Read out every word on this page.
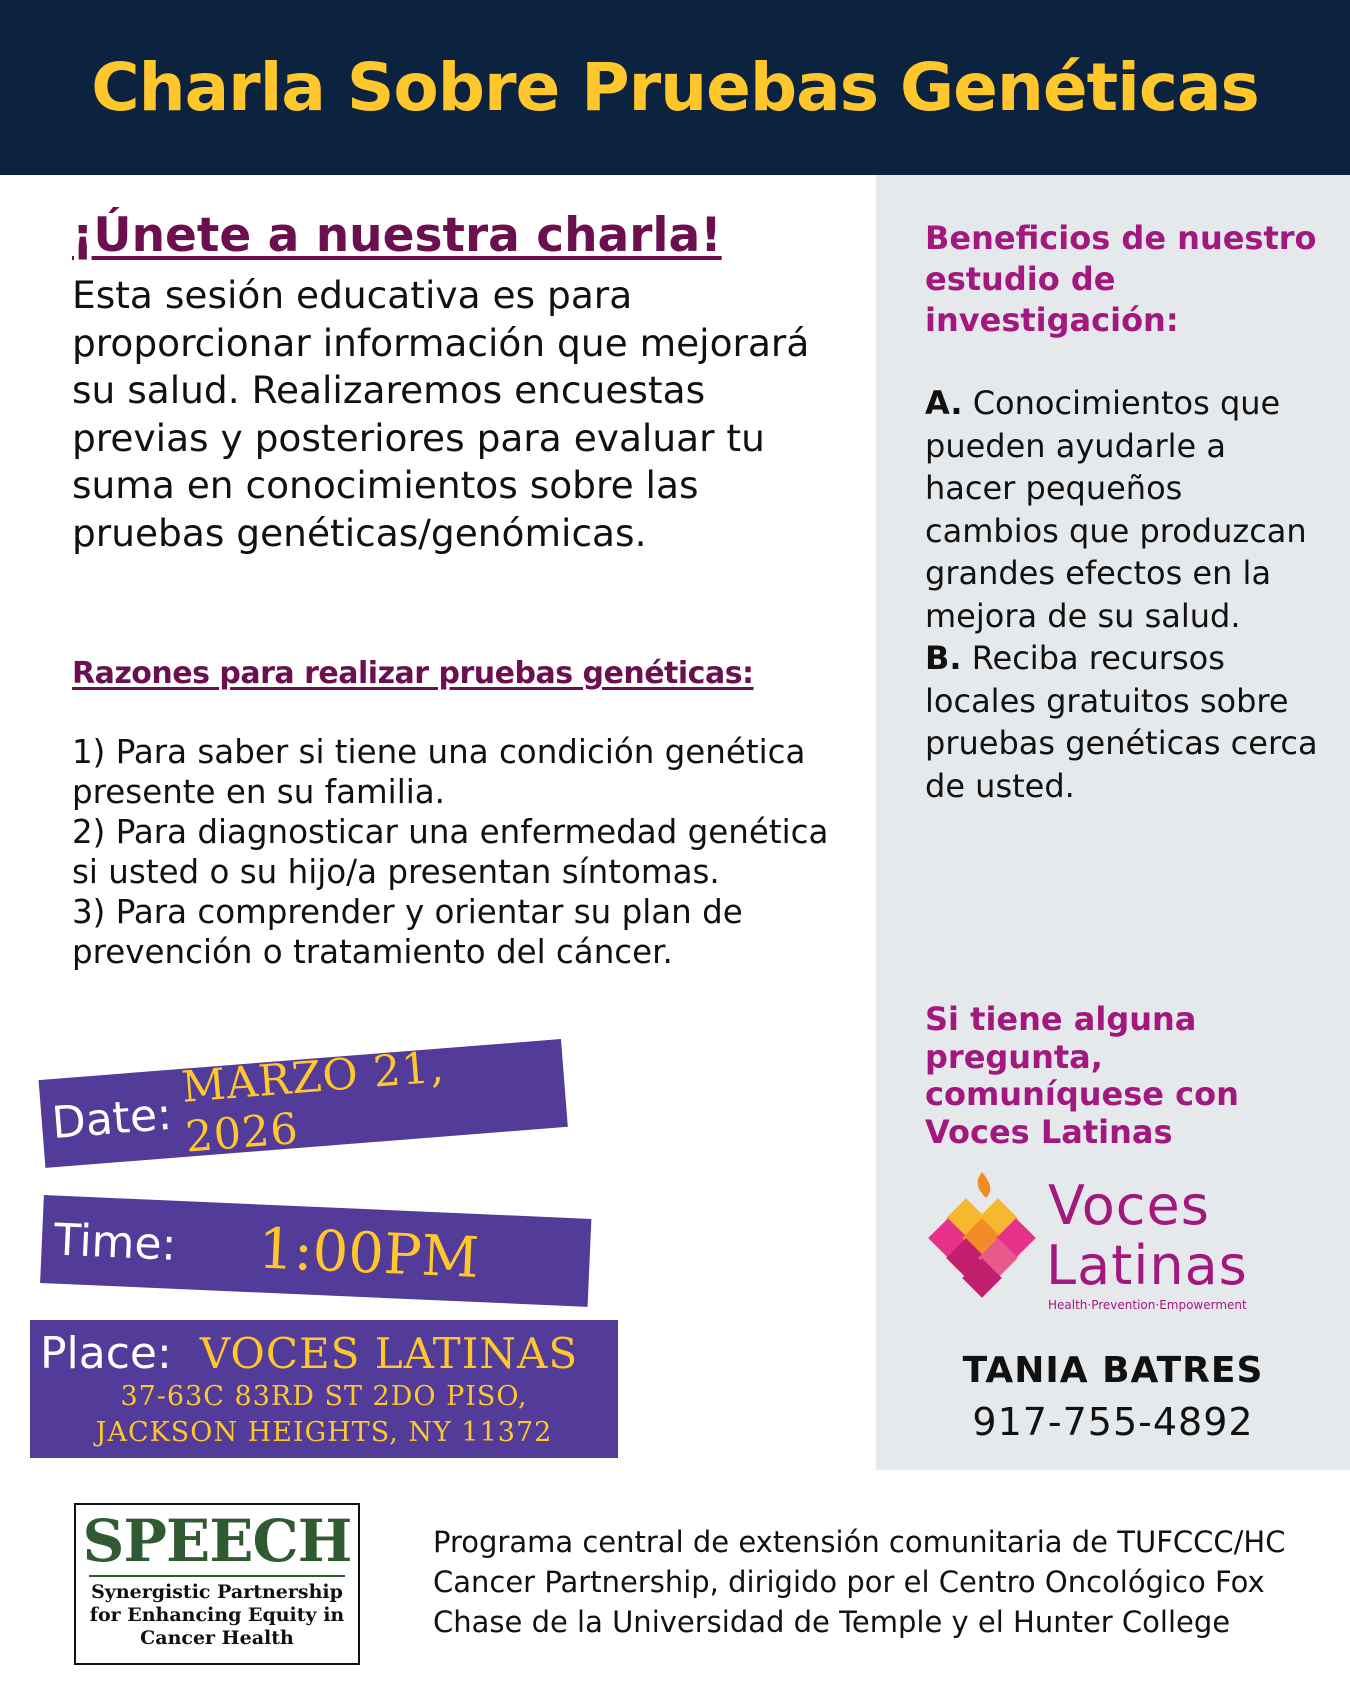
Charla Sobre Pruebas Genéticas

¡Únete a nuestra charla!

Esta sesión educativa es para proporcionar información que mejorará su salud. Realizaremos encuestas previas y posteriores para evaluar tu suma en conocimientos sobre las pruebas genéticas/genómicas.

Razones para realizar pruebas genéticas:

1) Para saber si tiene una condición genética presente en su familia.
2) Para diagnosticar una enfermedad genética si usted o su hijo/a presentan síntomas.
3) Para comprender y orientar su plan de prevención o tratamiento del cáncer.
Date:
MARZO 21, 2026
Time: 1:00PM
Place: VOCES LATINAS
37-63C 83RD ST 2DO PISO,
JACKSON HEIGHTS, NY 11372

Beneficios de nuestro estudio de investigación:

A. Conocimientos que pueden ayudarle a hacer pequeños cambios que produzcan grandes efectos en la mejora de su salud.
B. Reciba recursos locales gratuitos sobre pruebas genéticas cerca de usted.

Si tiene alguna pregunta, comuníquese con Voces Latinas

Voces
Latinas
Health·Prevention·Empowerment

TANIA BATRES

917-755-4892

SPEECH
Synergistic Partnership for Enhancing Equity in Cancer Health

Programa central de extensión comunitaria de TUFCCC/HC Cancer Partnership, dirigido por el Centro Oncológico Fox Chase de la Universidad de Temple y el Hunter College
